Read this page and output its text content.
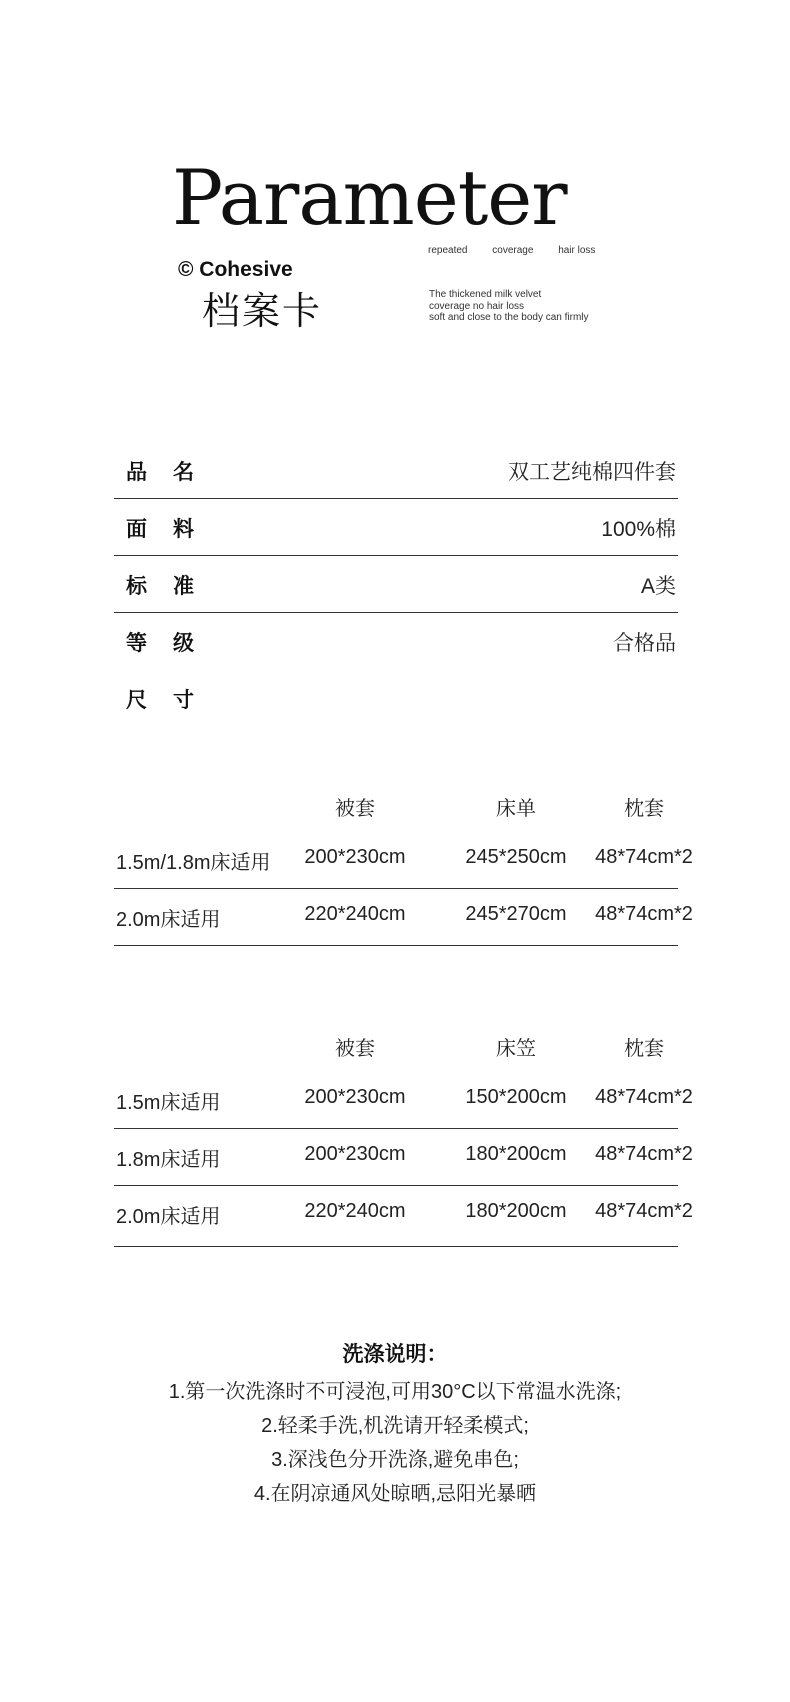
Parameter
repeated coverage hair loss
© Cohesive
档案卡	The thickened milk velvet
coverage no hair loss
soft and close to the body can firmly
品名	双工艺纯棉四件套
面料	100%棉
标准	A类
等级	合格品
尺寸
被套	床单	枕套
1.5m/1.8m床适用 200*230cm	245*250cm	48*74cm*2
2.0m床适用	220*240cm	245*270cm	48*74cm*2
被套	床笠	枕套
1.5m床适用	200*230cm	150*200cm	48*74cm*2
1.8m床适用	200*230cm	180*200cm	48*74cm*2
2.0m床适用	220*240cm	180*200cm	48*74cm*2
洗涤说明：
1.第一次洗涤时不可浸泡,可用30°C以下常温水洗涤;
2.轻柔手洗,机洗请开轻柔模式;
3.深浅色分开洗涤,避免串色;
4.在阴凉通风处晾晒,忌阳光暴晒
